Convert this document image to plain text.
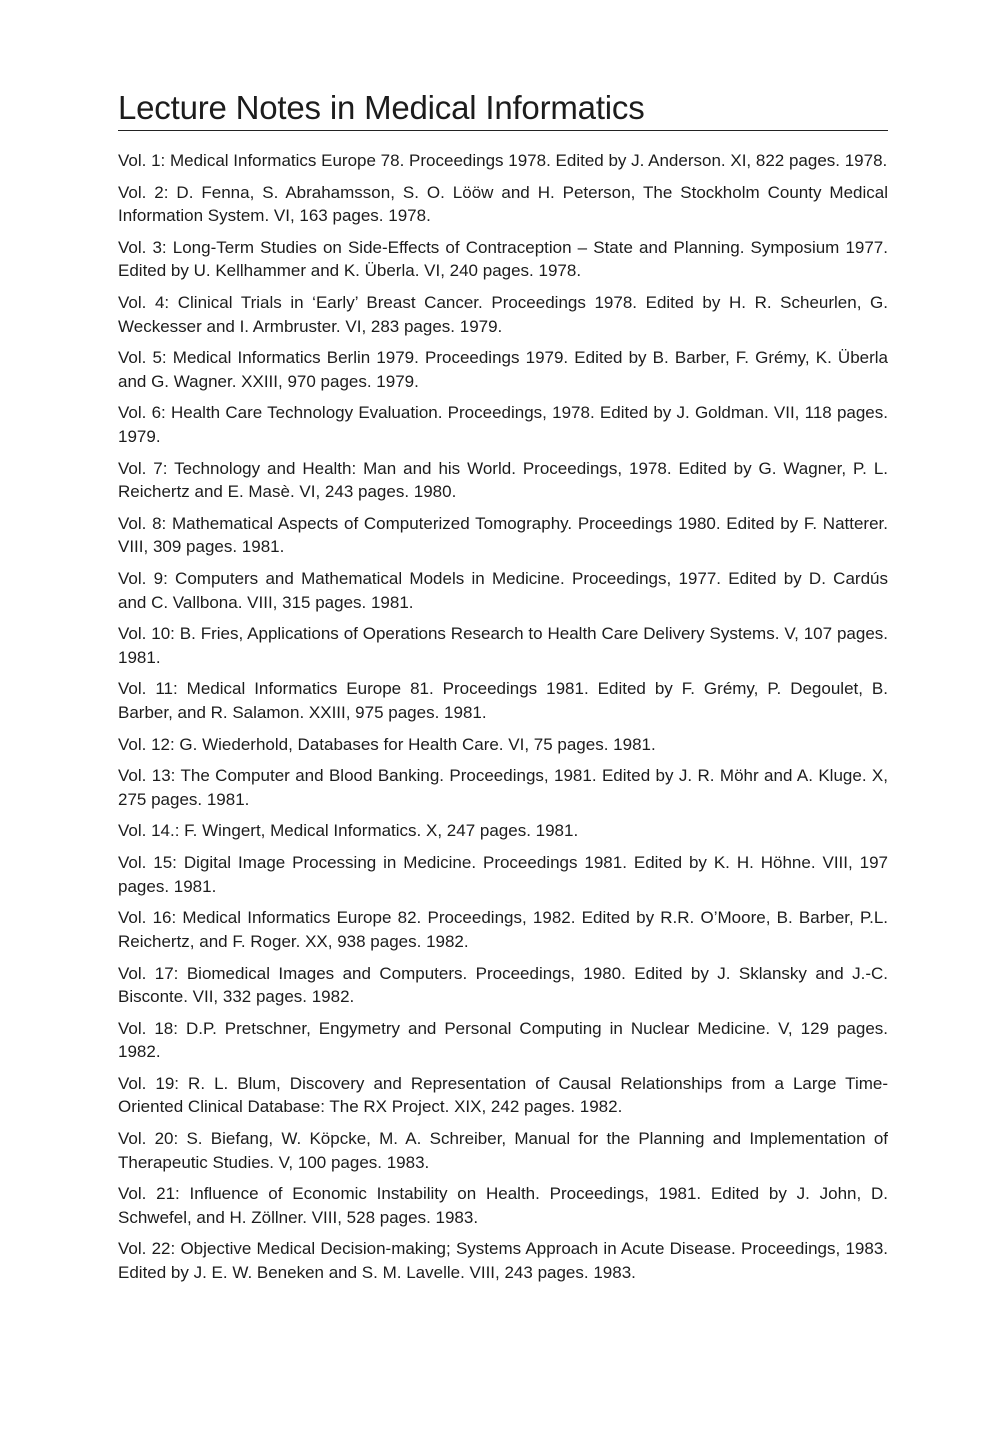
Lecture Notes in Medical Informatics
Vol. 1: Medical Informatics Europe 78. Proceedings 1978. Edited by J. Anderson. XI, 822 pages. 1978.
Vol. 2: D. Fenna, S. Abrahamsson, S. O. Lööw and H. Peterson, The Stockholm County Medical Information System. VI, 163 pages. 1978.
Vol. 3: Long-Term Studies on Side-Effects of Contraception – State and Planning. Symposium 1977. Edited by U. Kellhammer and K. Überla. VI, 240 pages. 1978.
Vol. 4: Clinical Trials in ‘Early’ Breast Cancer. Proceedings 1978. Edited by H. R. Scheurlen, G. Weckesser and I. Armbruster. VI, 283 pages. 1979.
Vol. 5: Medical Informatics Berlin 1979. Proceedings 1979. Edited by B. Barber, F. Grémy, K. Überla and G. Wagner. XXIII, 970 pages. 1979.
Vol. 6: Health Care Technology Evaluation. Proceedings, 1978. Edited by J. Goldman. VII, 118 pages. 1979.
Vol. 7: Technology and Health: Man and his World. Proceedings, 1978. Edited by G. Wagner, P. L. Reichertz and E. Masè. VI, 243 pages. 1980.
Vol. 8: Mathematical Aspects of Computerized Tomography. Proceedings 1980. Edited by F. Natterer. VIII, 309 pages. 1981.
Vol. 9: Computers and Mathematical Models in Medicine. Proceedings, 1977. Edited by D. Cardús and C. Vallbona. VIII, 315 pages. 1981.
Vol. 10: B. Fries, Applications of Operations Research to Health Care Delivery Systems. V, 107 pages. 1981.
Vol. 11: Medical Informatics Europe 81. Proceedings 1981. Edited by F. Grémy, P. Degoulet, B. Barber, and R. Salamon. XXIII, 975 pages. 1981.
Vol. 12: G. Wiederhold, Databases for Health Care. VI, 75 pages. 1981.
Vol. 13: The Computer and Blood Banking. Proceedings, 1981. Edited by J. R. Möhr and A. Kluge. X, 275 pages. 1981.
Vol. 14.: F. Wingert, Medical Informatics. X, 247 pages. 1981.
Vol. 15: Digital Image Processing in Medicine. Proceedings 1981. Edited by K. H. Höhne. VIII, 197 pages. 1981.
Vol. 16: Medical Informatics Europe 82. Proceedings, 1982. Edited by R.R. O’Moore, B. Barber, P.L. Reichertz, and F. Roger. XX, 938 pages. 1982.
Vol. 17: Biomedical Images and Computers. Proceedings, 1980. Edited by J. Sklansky and J.-C. Bisconte. VII, 332 pages. 1982.
Vol. 18: D.P. Pretschner, Engymetry and Personal Computing in Nuclear Medicine. V, 129 pages. 1982.
Vol. 19: R. L. Blum, Discovery and Representation of Causal Relationships from a Large Time-Oriented Clinical Database: The RX Project. XIX, 242 pages. 1982.
Vol. 20: S. Biefang, W. Köpcke, M. A. Schreiber, Manual for the Planning and Implementation of Therapeutic Studies. V, 100 pages. 1983.
Vol. 21: Influence of Economic Instability on Health. Proceedings, 1981. Edited by J. John, D. Schwefel, and H. Zöllner. VIII, 528 pages. 1983.
Vol. 22: Objective Medical Decision-making; Systems Approach in Acute Disease. Proceedings, 1983. Edited by J. E. W. Beneken and S. M. Lavelle. VIII, 243 pages. 1983.
